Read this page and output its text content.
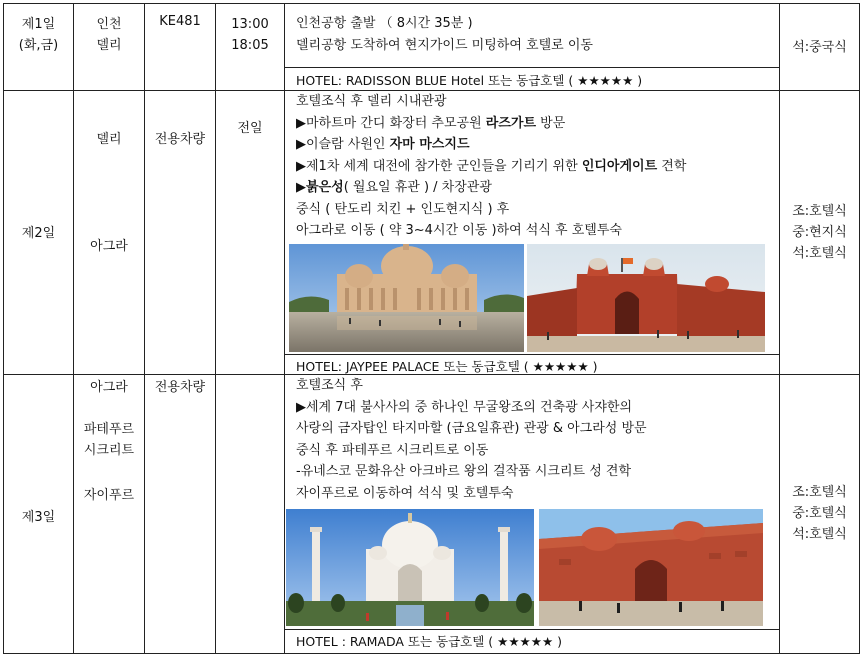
제1일
(화,금)
인천
델리
KE481	13:00
18:05
인천공항 출발 （ 8시간 35분 )
델리공항 도착하여 현지가이드 미팅하여 호텔로 이동
HOTEL: RADISSON BLUE Hotel 또는 동급호텔 ( ★★★★★ )
석:중국식
제2일
델리
아그라
전용차량
전일
호텔조식 후 델리 시내관광
▶마하트마 간디 화장터 추모공원 라즈가트 방문
▶이슬람 사원인 자마 마스지드
▶제1차 세계 대전에 참가한 군인들을 기리기 위한 인디아게이트 견학
▶붉은성( 월요일 휴관 ) / 차장관광
중식 ( 탄도리 치킨 + 인도현지식 ) 후
아그라로 이동 ( 약 3~4시간 이동 )하여 석식 후 호텔투숙
HOTEL: JAYPEE PALACE 또는 동급호텔 ( ★★★★★ )
조:호텔식
중:현지식
석:호텔식
제3일
아그라
파테푸르
시크리트
자이푸르
전용차량	호텔조식 후
▶세계 7대 불사사의 중 하나인 무굴왕조의 건축광 사쟈한의
사랑의 금자탑인 타지마할 (금요일휴관) 관광 & 아그라성 방문
중식 후 파테푸르 시크리트로 이동
-유네스코 문화유산 아크바르 왕의 걸작품 시크리트 성 견학
자이푸르로 이동하여 석식 및 호텔투숙
HOTEL : RAMADA 또는 동급호텔 ( ★★★★★ )
조:호텔식
중:호텔식
석:호텔식
